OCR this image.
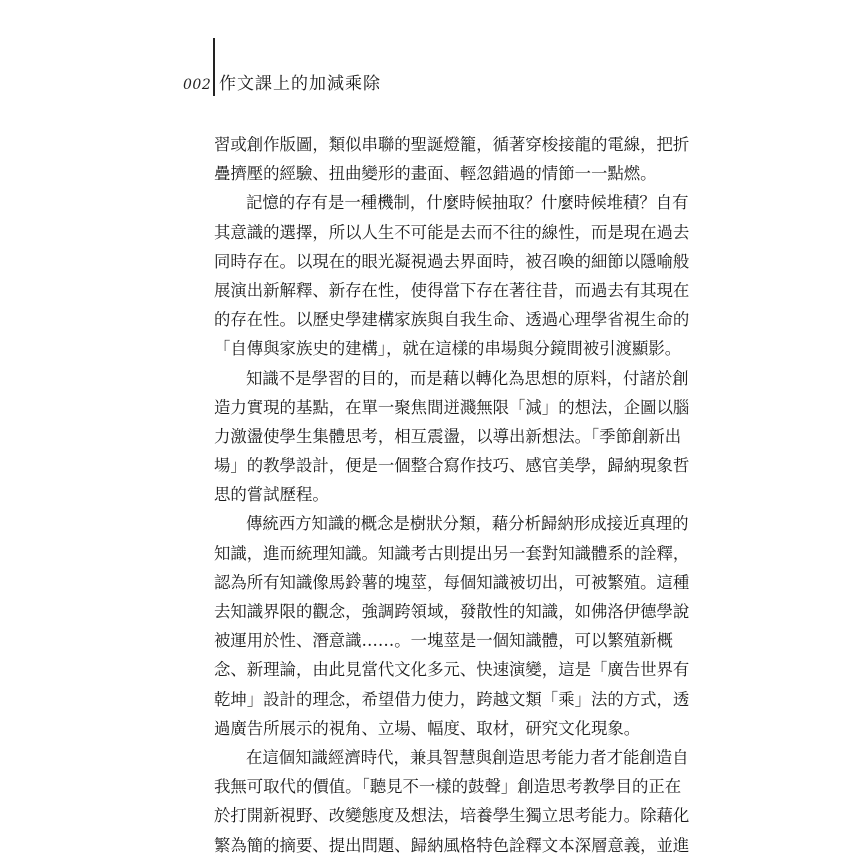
002 作文課上的加減乘除
習或創作版圖，類似串聯的聖誕燈籠，循著穿梭接龍的電線，把折
疊擠壓的經驗、扭曲變形的畫面、輕忽錯過的情節一一點燃。
記憶的存有是一種機制，什麼時候抽取？什麼時候堆積？自有
其意識的選擇，所以人生不可能是去而不往的線性，而是現在過去
同時存在。以現在的眼光凝視過去界面時，被召喚的細節以隱喻般
展演出新解釋、新存在性，使得當下存在著往昔，而過去有其現在
的存在性。以歷史學建構家族與自我生命、透過心理學省視生命的
「自傳與家族史的建構」，就在這樣的串場與分鏡間被引渡顯影。
知識不是學習的目的，而是藉以轉化為思想的原料，付諸於創
造力實現的基點，在單一聚焦間迸濺無限「減」的想法，企圖以腦
力激盪使學生集體思考，相互震盪，以導出新想法。「季節創新出
場」的教學設計，便是一個整合寫作技巧、感官美學，歸納現象哲
思的嘗試歷程。
傳統西方知識的概念是樹狀分類，藉分析歸納形成接近真理的
知識，進而統理知識。知識考古則提出另一套對知識體系的詮釋，
認為所有知識像馬鈴薯的塊莖，每個知識被切出，可被繁殖。這種
去知識界限的觀念，強調跨領域，發散性的知識，如佛洛伊德學說
被運用於性、潛意識……。一塊莖是一個知識體，可以繁殖新概
念、新理論，由此見當代文化多元、快速演變，這是「廣告世界有
乾坤」設計的理念，希望借力使力，跨越文類「乘」法的方式，透
過廣告所展示的視角、立場、幅度、取材，研究文化現象。
在這個知識經濟時代，兼具智慧與創造思考能力者才能創造自
我無可取代的價值。「聽見不一樣的鼓聲」創造思考教學目的正在
於打開新視野、改變態度及想法，培養學生獨立思考能力。除藉化
繁為簡的摘要、提出問題、歸納風格特色詮釋文本深層意義，並進
